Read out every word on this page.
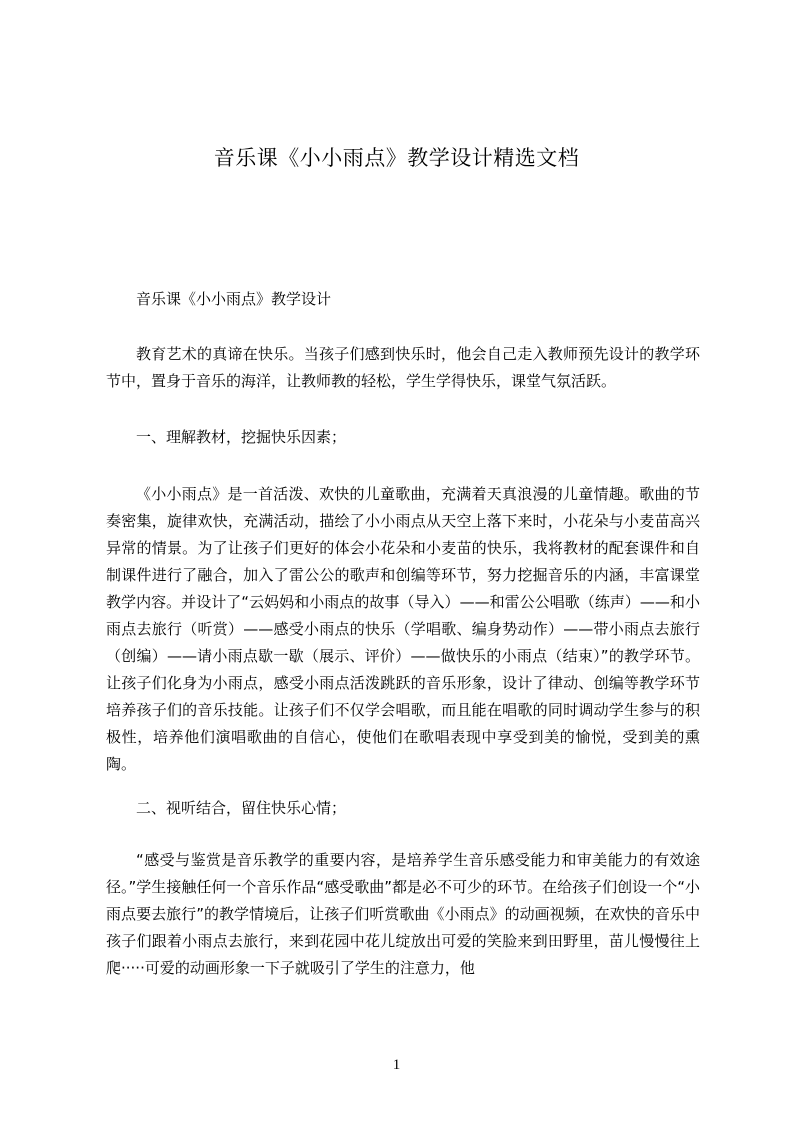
音乐课《小小雨点》教学设计精选文档
音乐课《小小雨点》教学设计
教育艺术的真谛在快乐。当孩子们感到快乐时，他会自己走入教师预先设计的教学环节中，置身于音乐的海洋，让教师教的轻松，学生学得快乐，课堂气氛活跃。
一、理解教材，挖掘快乐因素；
《小小雨点》是一首活泼、欢快的儿童歌曲，充满着天真浪漫的儿童情趣。歌曲的节奏密集，旋律欢快，充满活动，描绘了小小雨点从天空上落下来时，小花朵与小麦苗高兴异常的情景。为了让孩子们更好的体会小花朵和小麦苗的快乐，我将教材的配套课件和自制课件进行了融合，加入了雷公公的歌声和创编等环节，努力挖掘音乐的内涵，丰富课堂教学内容。并设计了“云妈妈和小雨点的故事（导入）——和雷公公唱歌（练声）——和小雨点去旅行（听赏）——感受小雨点的快乐（学唱歌、编身势动作）——带小雨点去旅行（创编）——请小雨点歇一歇（展示、评价）——做快乐的小雨点（结束）”的教学环节。让孩子们化身为小雨点，感受小雨点活泼跳跃的音乐形象，设计了律动、创编等教学环节培养孩子们的音乐技能。让孩子们不仅学会唱歌，而且能在唱歌的同时调动学生参与的积极性，培养他们演唱歌曲的自信心，使他们在歌唱表现中享受到美的愉悦，受到美的熏陶。
二、视听结合，留住快乐心情；
“感受与鉴赏是音乐教学的重要内容，是培养学生音乐感受能力和审美能力的有效途径。”学生接触任何一个音乐作品“感受歌曲”都是必不可少的环节。在给孩子们创设一个“小雨点要去旅行”的教学情境后，让孩子们听赏歌曲《小雨点》的动画视频，在欢快的音乐中孩子们跟着小雨点去旅行，来到花园中花儿绽放出可爱的笑脸来到田野里，苗儿慢慢往上爬·····可爱的动画形象一下子就吸引了学生的注意力，他
1
